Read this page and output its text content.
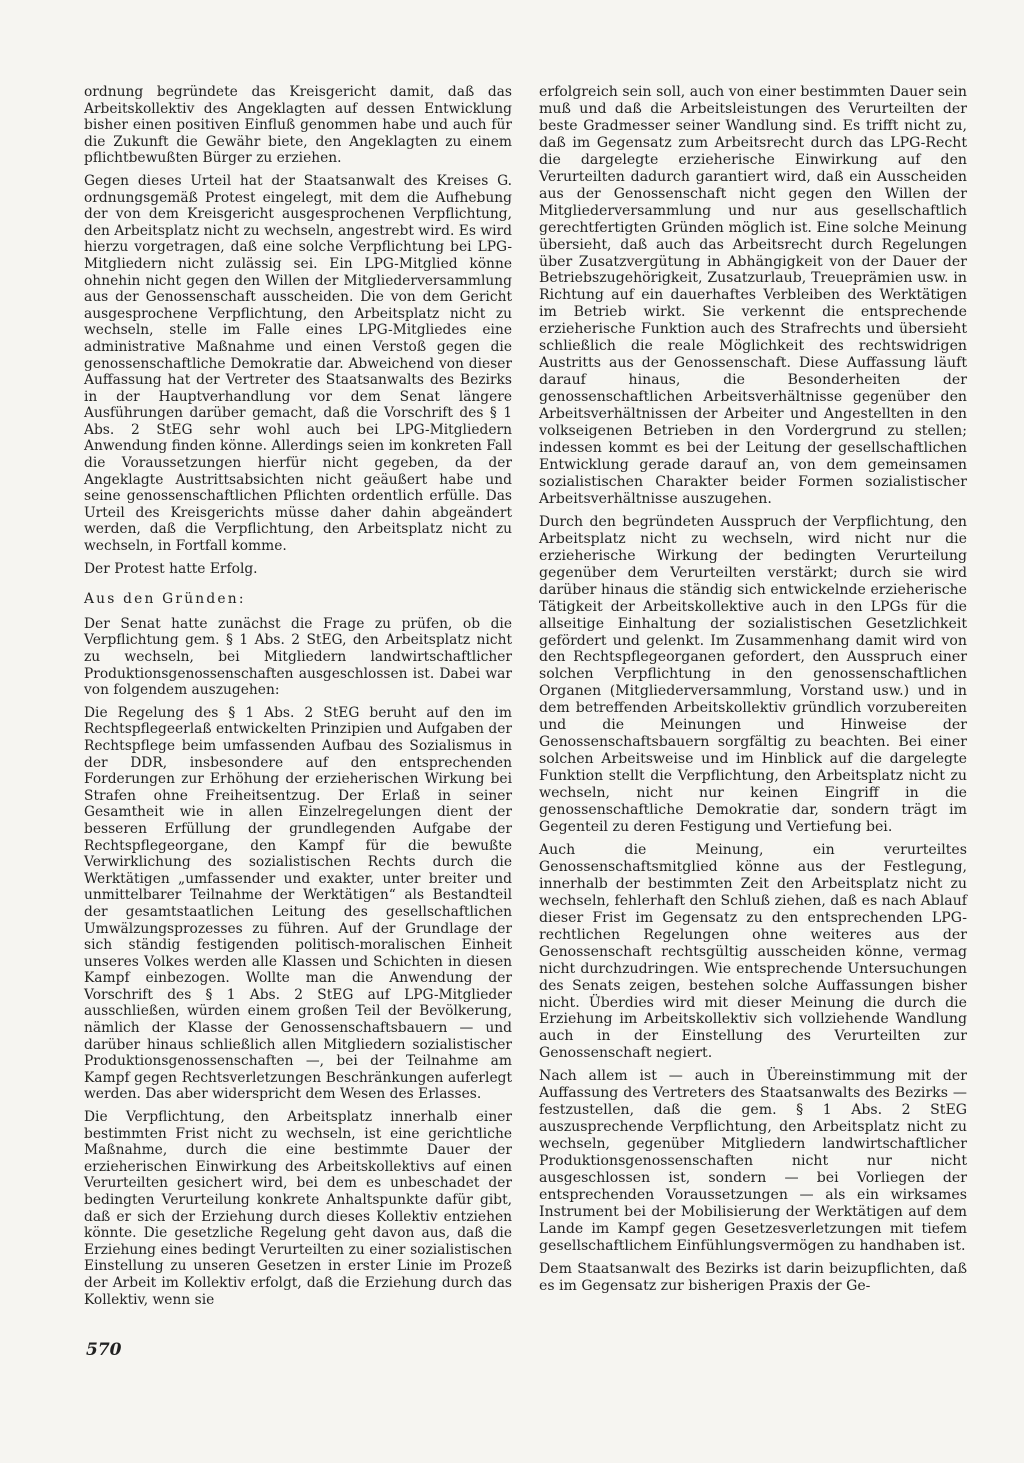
ordnung begründete das Kreisgericht damit, daß das Arbeitskollektiv des Angeklagten auf dessen Entwicklung bisher einen positiven Einfluß genommen habe und auch für die Zukunft die Gewähr biete, den Angeklagten zu einem pflichtbewußten Bürger zu erziehen.

Gegen dieses Urteil hat der Staatsanwalt des Kreises G. ordnungsgemäß Protest eingelegt, mit dem die Aufhebung der von dem Kreisgericht ausgesprochenen Verpflichtung, den Arbeitsplatz nicht zu wechseln, angestrebt wird. Es wird hierzu vorgetragen, daß eine solche Verpflichtung bei LPG-Mitgliedern nicht zulässig sei. Ein LPG-Mitglied könne ohnehin nicht gegen den Willen der Mitgliederversammlung aus der Genossenschaft ausscheiden. Die von dem Gericht ausgesprochene Verpflichtung, den Arbeitsplatz nicht zu wechseln, stelle im Falle eines LPG-Mitgliedes eine administrative Maßnahme und einen Verstoß gegen die genossenschaftliche Demokratie dar. Abweichend von dieser Auffassung hat der Vertreter des Staatsanwalts des Bezirks in der Hauptverhandlung vor dem Senat längere Ausführungen darüber gemacht, daß die Vorschrift des § 1 Abs. 2 StEG sehr wohl auch bei LPG-Mitgliedern Anwendung finden könne. Allerdings seien im konkreten Fall die Voraussetzungen hierfür nicht gegeben, da der Angeklagte Austrittsabsichten nicht geäußert habe und seine genossenschaftlichen Pflichten ordentlich erfülle. Das Urteil des Kreisgerichts müsse daher dahin abgeändert werden, daß die Verpflichtung, den Arbeitsplatz nicht zu wechseln, in Fortfall komme.

Der Protest hatte Erfolg.

Aus den Gründen:

Der Senat hatte zunächst die Frage zu prüfen, ob die Verpflichtung gem. § 1 Abs. 2 StEG, den Arbeitsplatz nicht zu wechseln, bei Mitgliedern landwirtschaftlicher Produktionsgenossenschaften ausgeschlossen ist. Dabei war von folgendem auszugehen:

Die Regelung des § 1 Abs. 2 StEG beruht auf den im Rechtspflegeerlaß entwickelten Prinzipien und Aufgaben der Rechtspflege beim umfassenden Aufbau des Sozialismus in der DDR, insbesondere auf den entsprechenden Forderungen zur Erhöhung der erzieherischen Wirkung bei Strafen ohne Freiheitsentzug. Der Erlaß in seiner Gesamtheit wie in allen Einzelregelungen dient der besseren Erfüllung der grundlegenden Aufgabe der Rechtspflegeorgane, den Kampf für die bewußte Verwirklichung des sozialistischen Rechts durch die Werktätigen „umfassender und exakter, unter breiter und unmittelbarer Teilnahme der Werktätigen“ als Bestandteil der gesamtstaatlichen Leitung des gesellschaftlichen Umwälzungsprozesses zu führen. Auf der Grundlage der sich ständig festigenden politisch-moralischen Einheit unseres Volkes werden alle Klassen und Schichten in diesen Kampf einbezogen. Wollte man die Anwendung der Vorschrift des § 1 Abs. 2 StEG auf LPG-Mitglieder ausschließen, würden einem großen Teil der Bevölkerung, nämlich der Klasse der Genossenschaftsbauern — und darüber hinaus schließlich allen Mitgliedern sozialistischer Produktionsgenossenschaften —, bei der Teilnahme am Kampf gegen Rechtsverletzungen Beschränkungen auferlegt werden. Das aber widerspricht dem Wesen des Erlasses.

Die Verpflichtung, den Arbeitsplatz innerhalb einer bestimmten Frist nicht zu wechseln, ist eine gerichtliche Maßnahme, durch die eine bestimmte Dauer der erzieherischen Einwirkung des Arbeitskollektivs auf einen Verurteilten gesichert wird, bei dem es unbeschadet der bedingten Verurteilung konkrete Anhaltspunkte dafür gibt, daß er sich der Erziehung durch dieses Kollektiv entziehen könnte. Die gesetzliche Regelung geht davon aus, daß die Erziehung eines bedingt Verurteilten zu einer sozialistischen Einstellung zu unseren Gesetzen in erster Linie im Prozeß der Arbeit im Kollektiv erfolgt, daß die Erziehung durch das Kollektiv, wenn sie

erfolgreich sein soll, auch von einer bestimmten Dauer sein muß und daß die Arbeitsleistungen des Verurteilten der beste Gradmesser seiner Wandlung sind. Es trifft nicht zu, daß im Gegensatz zum Arbeitsrecht durch das LPG-Recht die dargelegte erzieherische Einwirkung auf den Verurteilten dadurch garantiert wird, daß ein Ausscheiden aus der Genossenschaft nicht gegen den Willen der Mitgliederversammlung und nur aus gesellschaftlich gerechtfertigten Gründen möglich ist. Eine solche Meinung übersieht, daß auch das Arbeitsrecht durch Regelungen über Zusatzvergütung in Abhängigkeit von der Dauer der Betriebszugehörigkeit, Zusatzurlaub, Treueprämien usw. in Richtung auf ein dauerhaftes Verbleiben des Werktätigen im Betrieb wirkt. Sie verkennt die entsprechende erzieherische Funktion auch des Strafrechts und übersieht schließlich die reale Möglichkeit des rechtswidrigen Austritts aus der Genossenschaft. Diese Auffassung läuft darauf hinaus, die Besonderheiten der genossenschaftlichen Arbeitsverhältnisse gegenüber den Arbeitsverhältnissen der Arbeiter und Angestellten in den volkseigenen Betrieben in den Vordergrund zu stellen; indessen kommt es bei der Leitung der gesellschaftlichen Entwicklung gerade darauf an, von dem gemeinsamen sozialistischen Charakter beider Formen sozialistischer Arbeitsverhältnisse auszugehen.

Durch den begründeten Ausspruch der Verpflichtung, den Arbeitsplatz nicht zu wechseln, wird nicht nur die erzieherische Wirkung der bedingten Verurteilung gegenüber dem Verurteilten verstärkt; durch sie wird darüber hinaus die ständig sich entwickelnde erzieherische Tätigkeit der Arbeitskollektive auch in den LPGs für die allseitige Einhaltung der sozialistischen Gesetzlichkeit gefördert und gelenkt. Im Zusammenhang damit wird von den Rechtspflegeorganen gefordert, den Ausspruch einer solchen Verpflichtung in den genossenschaftlichen Organen (Mitgliederversammlung, Vorstand usw.) und in dem betreffenden Arbeitskollektiv gründlich vorzubereiten und die Meinungen und Hinweise der Genossenschaftsbauern sorgfältig zu beachten. Bei einer solchen Arbeitsweise und im Hinblick auf die dargelegte Funktion stellt die Verpflichtung, den Arbeitsplatz nicht zu wechseln, nicht nur keinen Eingriff in die genossenschaftliche Demokratie dar, sondern trägt im Gegenteil zu deren Festigung und Vertiefung bei.

Auch die Meinung, ein verurteiltes Genossenschaftsmitglied könne aus der Festlegung, innerhalb der bestimmten Zeit den Arbeitsplatz nicht zu wechseln, fehlerhaft den Schluß ziehen, daß es nach Ablauf dieser Frist im Gegensatz zu den entsprechenden LPG-rechtlichen Regelungen ohne weiteres aus der Genossenschaft rechtsgültig ausscheiden könne, vermag nicht durchzudringen. Wie entsprechende Untersuchungen des Senats zeigen, bestehen solche Auffassungen bisher nicht. Überdies wird mit dieser Meinung die durch die Erziehung im Arbeitskollektiv sich vollziehende Wandlung auch in der Einstellung des Verurteilten zur Genossenschaft negiert.

Nach allem ist — auch in Übereinstimmung mit der Auffassung des Vertreters des Staatsanwalts des Bezirks — festzustellen, daß die gem. § 1 Abs. 2 StEG auszusprechende Verpflichtung, den Arbeitsplatz nicht zu wechseln, gegenüber Mitgliedern landwirtschaftlicher Produktionsgenossenschaften nicht nur nicht ausgeschlossen ist, sondern — bei Vorliegen der entsprechenden Voraussetzungen — als ein wirksames Instrument bei der Mobilisierung der Werktätigen auf dem Lande im Kampf gegen Gesetzesverletzungen mit tiefem gesellschaftlichem Einfühlungsvermögen zu handhaben ist.

Dem Staatsanwalt des Bezirks ist darin beizupflichten, daß es im Gegensatz zur bisherigen Praxis der Ge-

570
